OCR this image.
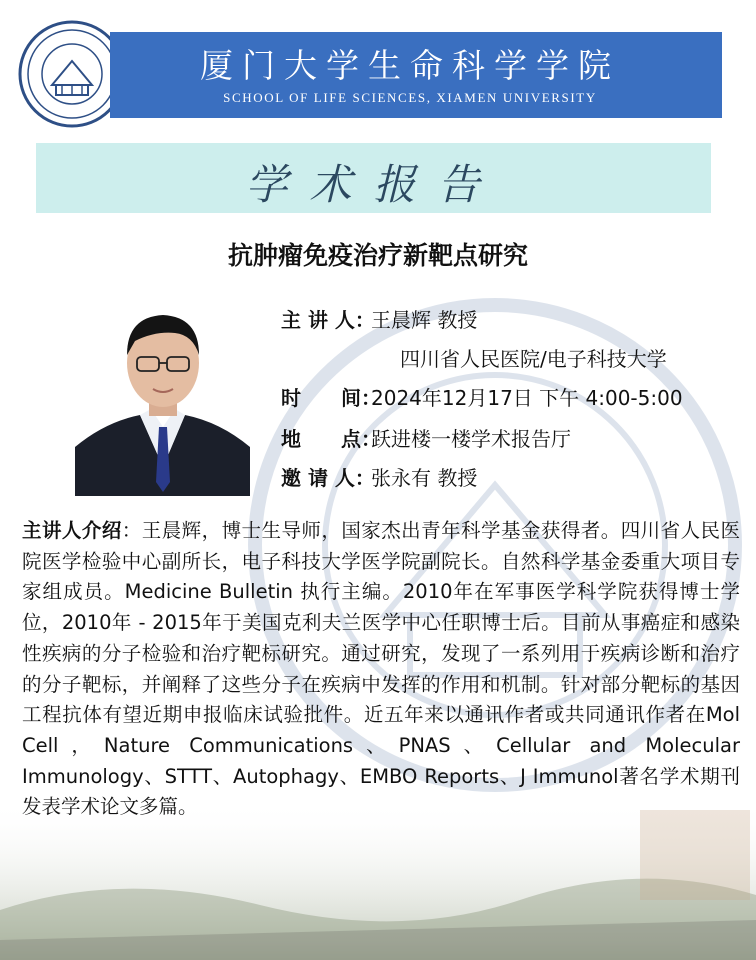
厦门大学生命科学学院
SCHOOL OF LIFE SCIENCES, XIAMEN UNIVERSITY
学术报告
抗肿瘤免疫治疗新靶点研究
主 讲 人：王晨辉 教授
四川省人民医院/电子科技大学
时　　间：2024年12月17日 下午 4:00-5:00
地　　点：跃进楼一楼学术报告厅
邀 请 人：张永有 教授
主讲人介绍：王晨辉，博士生导师，国家杰出青年科学基金获得者。四川省人民医院医学检验中心副所长，电子科技大学医学院副院长。自然科学基金委重大项目专家组成员。Medicine Bulletin 执行主编。2010年在军事医学科学院获得博士学位，2010年 - 2015年于美国克利夫兰医学中心任职博士后。目前从事癌症和感染性疾病的分子检验和治疗靶标研究。通过研究，发现了一系列用于疾病诊断和治疗的分子靶标，并阐释了这些分子在疾病中发挥的作用和机制。针对部分靶标的基因工程抗体有望近期申报临床试验批件。近五年来以通讯作者或共同通讯作者在Mol Cell，Nature Communications、PNAS、Cellular and Molecular Immunology、STTT、Autophagy、EMBO Reports、J Immunol著名学术期刊发表学术论文多篇。
